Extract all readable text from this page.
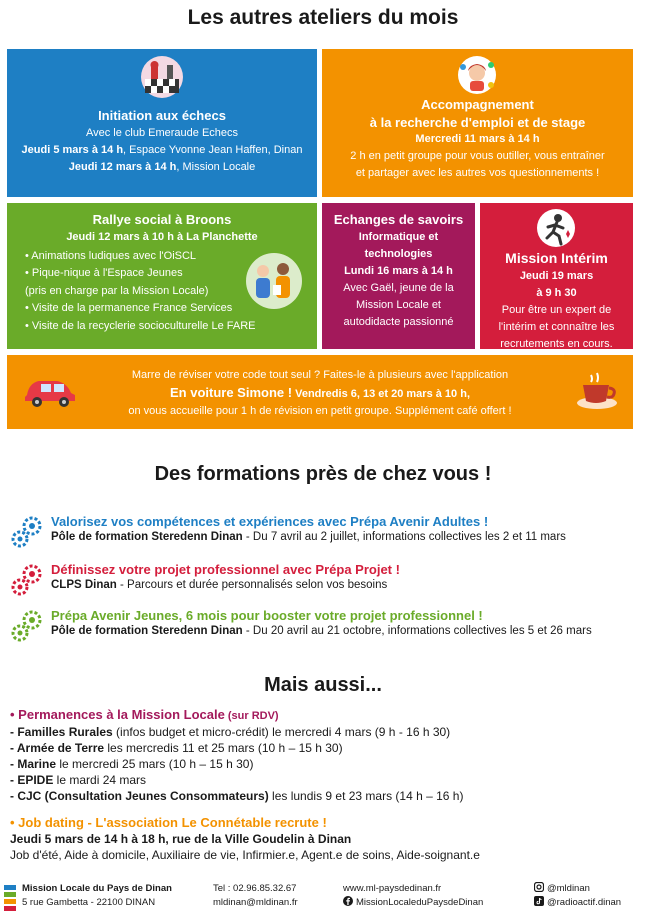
Les autres ateliers du mois
Initiation aux échecs
Avec le club Emeraude Echecs
Jeudi 5 mars à 14 h, Espace Yvonne Jean Haffen, Dinan
Jeudi 12 mars à 14 h, Mission Locale
Accompagnement
à la recherche d'emploi et de stage
Mercredi 11 mars à 14 h
2 h en petit groupe pour vous outiller, vous entraîner
et partager avec les autres vos questionnements !
Rallye social à Broons
Jeudi 12 mars à 10 h à La Planchette
• Animations ludiques avec l'OiSCL
• Pique-nique à l'Espace Jeunes
(pris en charge par la Mission Locale)
• Visite de la permanence France Services
• Visite de la recyclerie socioculturelle Le FARE
Echanges de savoirs
Informatique et
technologies
Lundi 16 mars à 14 h
Avec Gaël, jeune de la
Mission Locale et
autodidacte passionné
Mission Intérim
Jeudi 19 mars
à 9 h 30
Pour être un expert de
l'intérim et connaître les
recrutements en cours.
Marre de réviser votre code tout seul ? Faites-le à plusieurs avec l'application
En voiture Simone ! Vendredis 6, 13 et 20 mars à 10 h,
on vous accueille pour 1 h de révision en petit groupe. Supplément café offert !
Des formations près de chez vous !
Valorisez vos compétences et expériences avec Prépa Avenir Adultes !
Pôle de formation Steredenn Dinan - Du 7 avril au 2 juillet, informations collectives les 2 et 11 mars
Définissez votre projet professionnel avec Prépa Projet !
CLPS Dinan - Parcours et durée personnalisés selon vos besoins
Prépa Avenir Jeunes, 6 mois pour booster votre projet professionnel !
Pôle de formation Steredenn Dinan - Du 20 avril au 21 octobre, informations collectives les 5 et 26 mars
Mais aussi...
• Permanences à la Mission Locale (sur RDV)
- Familles Rurales (infos budget et micro-crédit) le mercredi 4 mars (9 h - 16 h 30)
- Armée de Terre les mercredis 11 et 25 mars (10 h – 15 h 30)
- Marine le mercredi 25 mars (10 h – 15 h 30)
- EPIDE le mardi 24 mars
- CJC (Consultation Jeunes Consommateurs) les lundis 9 et 23 mars (14 h – 16 h)
• Job dating - L'association Le Connétable recrute !
Jeudi 5 mars de 14 h à 18 h, rue de la Ville Goudelin à Dinan
Job d'été, Aide à domicile, Auxiliaire de vie, Infirmier.e, Agent.e de soins, Aide-soignant.e
Mission Locale du Pays de Dinan
5 rue Gambetta - 22100 DINAN
Tel : 02.96.85.32.67
mldinan@mldinan.fr
www.ml-paysdedinan.fr
MissionLocaleduPaysdeDinan
@mldinan
@radioactif.dinan
